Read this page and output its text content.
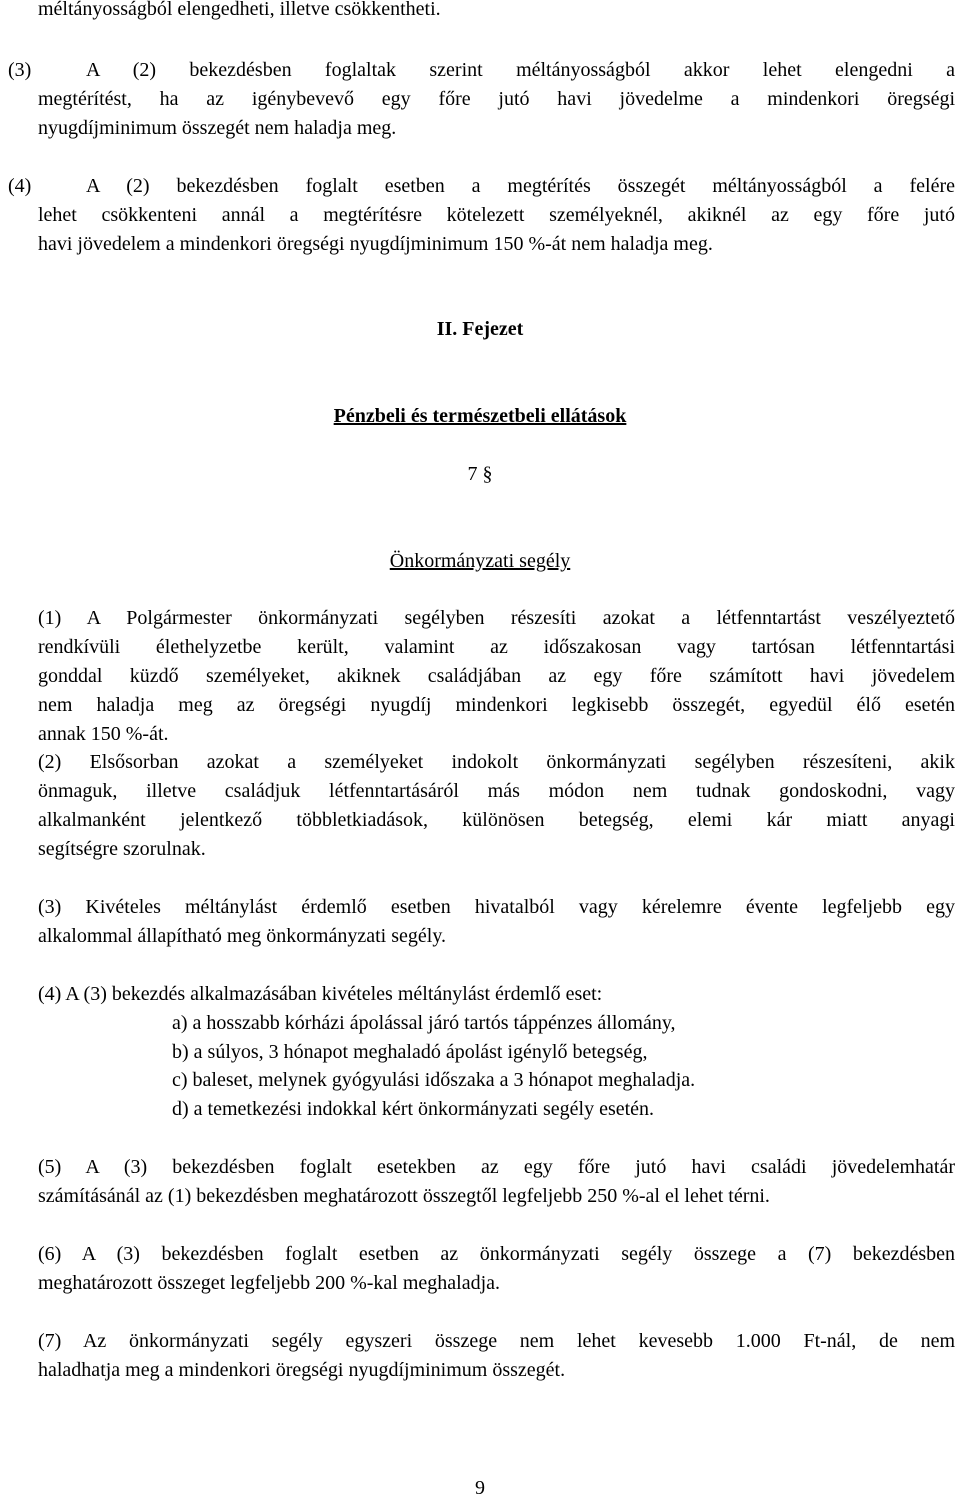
méltányosságból elengedheti, illetve csökkentheti.
(3)	A (2) bekezdésben foglaltak szerint méltányosságból akkor lehet elengedni a
megtérítést, ha az igénybevevő egy főre jutó havi jövedelme a mindenkori öregségi
nyugdíjminimum összegét nem haladja meg.
(4)	A (2) bekezdésben foglalt esetben a megtérítés összegét méltányosságból a felére
lehet csökkenteni annál a megtérítésre kötelezett személyeknél, akiknél az egy főre jutó
havi jövedelem a mindenkori öregségi nyugdíjminimum 150 %-át nem haladja meg.
II. Fejezet
Pénzbeli és természetbeli ellátások
7 §
Önkormányzati segély
(1) A Polgármester önkormányzati segélyben részesíti azokat a létfenntartást veszélyeztető
rendkívüli élethelyzetbe került, valamint az időszakosan vagy tartósan létfenntartási
gonddal küzdő személyeket, akiknek családjában az egy főre számított havi jövedelem
nem haladja meg az öregségi nyugdíj mindenkori legkisebb összegét, egyedül élő esetén
annak 150 %-át.
(2) Elsősorban azokat a személyeket indokolt önkormányzati segélyben részesíteni, akik
önmaguk, illetve családjuk létfenntartásáról más módon nem tudnak gondoskodni, vagy
alkalmanként jelentkező többletkiadások, különösen betegség, elemi kár miatt anyagi
segítségre szorulnak.
(3) Kivételes méltánylást érdemlő esetben hivatalból vagy kérelemre évente legfeljebb egy
alkalommal állapítható meg önkormányzati segély.
(4) A (3) bekezdés alkalmazásában kivételes méltánylást érdemlő eset:
a) a hosszabb kórházi ápolással járó tartós táppénzes állomány,
b) a súlyos, 3 hónapot meghaladó ápolást igénylő betegség,
c) baleset, melynek gyógyulási időszaka a 3 hónapot meghaladja.
d) a temetkezési indokkal kért önkormányzati segély esetén.
(5) A (3) bekezdésben foglalt esetekben az egy főre jutó havi családi jövedelemhatár
számításánál az (1) bekezdésben meghatározott összegtől legfeljebb 250 %-al el lehet térni.
(6) A (3) bekezdésben foglalt esetben az önkormányzati segély összege a (7) bekezdésben
meghatározott összeget legfeljebb 200 %-kal meghaladja.
(7) Az önkormányzati segély egyszeri összege nem lehet kevesebb 1.000 Ft-nál, de nem
haladhatja meg a mindenkori öregségi nyugdíjminimum összegét.
9
